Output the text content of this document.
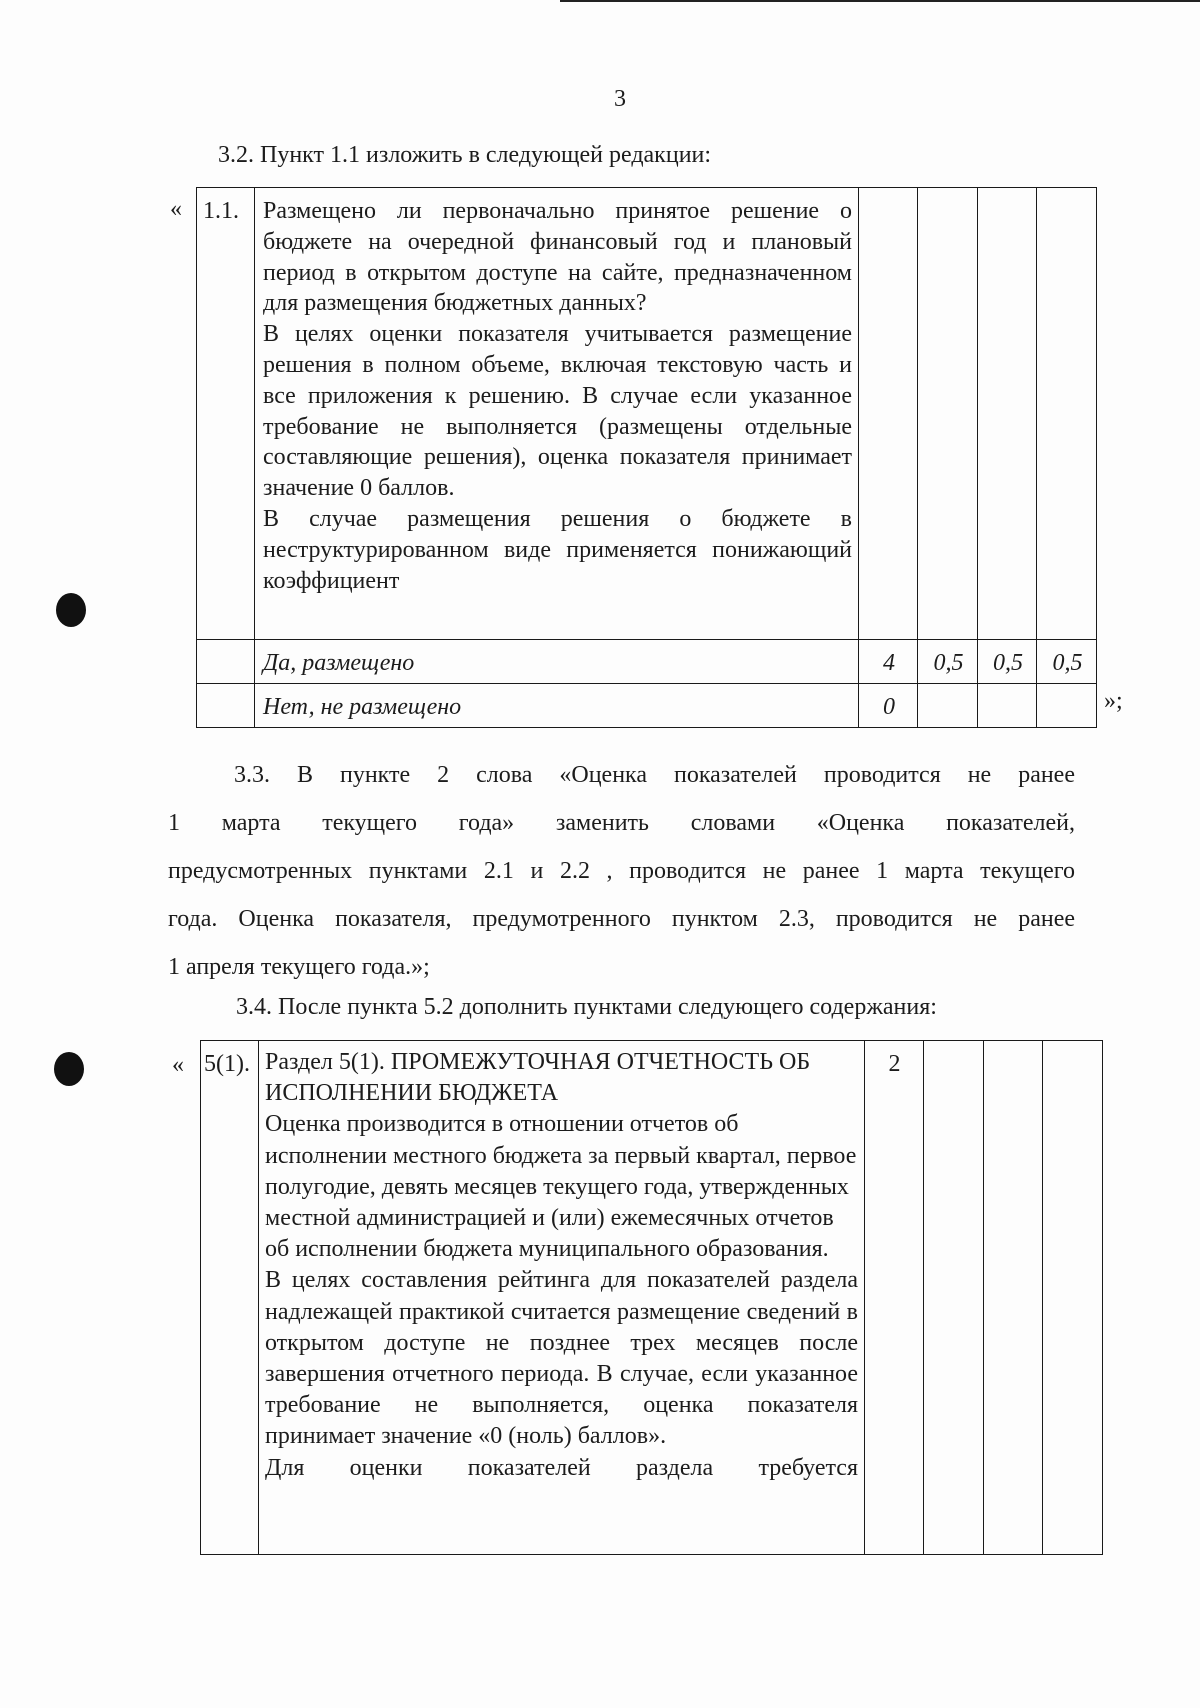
3
3.2. Пункт 1.1 изложить в следующей редакции:
« 1.1.	Размещено ли первоначально принятое решение о бюджете на очередной финансовый год и плановый период в открытом доступе на сайте, предназначенном для размещения бюджетных данных?
В целях оценки показателя учитывается размещение решения в полном объеме, включая текстовую часть и все приложения к решению. В случае если указанное требование не выполняется (размещены отдельные составляющие решения), оценка показателя принимает значение 0 баллов.
В случае размещения решения о бюджете в неструктурированном виде применяется понижающий коэффициент				

	Да, размещено	4	0,5	0,5	0,5
	Нет, не размещено	0				»;
3.3. В пункте 2 слова «Оценка показателей проводится не ранее
1 марта текущего года» заменить словами «Оценка показателей,
предусмотренных пунктами 2.1 и 2.2 , проводится не ранее 1 марта текущего
года. Оценка показателя, предумотренного пунктом 2.3, проводится не ранее
1 апреля текущего года.»;
3.4. После пункта 5.2 дополнить пунктами следующего содержания:
« 5(1).	Раздел 5(1). ПРОМЕЖУТОЧНАЯ ОТЧЕТНОСТЬ ОБ ИСПОЛНЕНИИ БЮДЖЕТА
Оценка производится в отношении отчетов об исполнении местного бюджета за первый квартал, первое полугодие, девять месяцев текущего года, утвержденных местной администрацией и (или) ежемесячных отчетов об исполнении бюджета муниципального образования.
В целях составления рейтинга для показателей раздела надлежащей практикой считается размещение сведений в открытом доступе не позднее трех месяцев после завершения отчетного периода. В случае, если указанное требование не выполняется, оценка показателя принимает значение «0 (ноль) баллов».
Для оценки показателей раздела требуется
	2			
